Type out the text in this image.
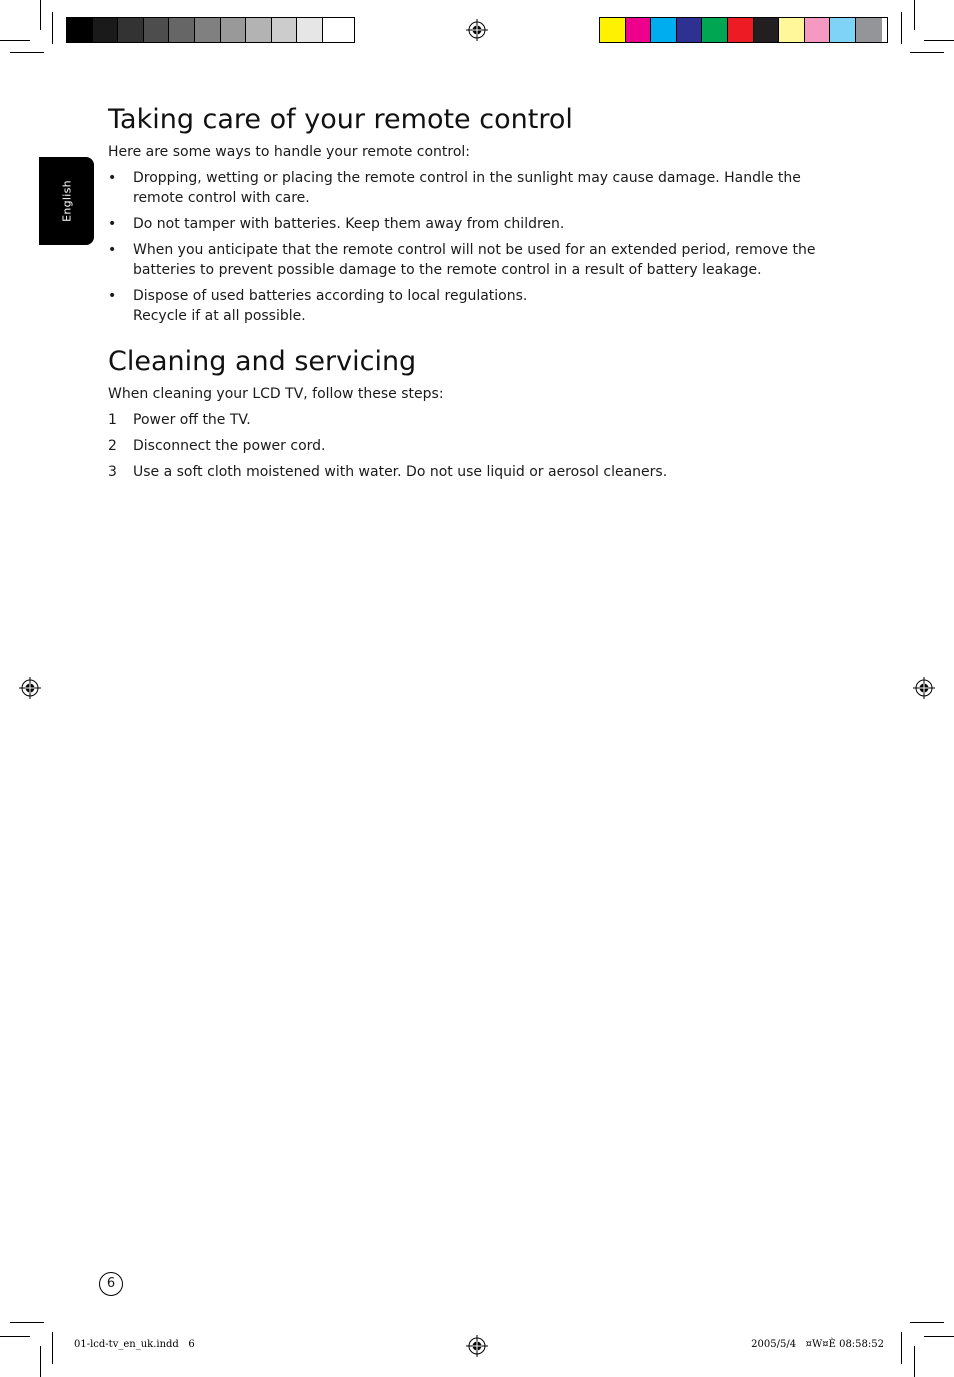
English
Taking care of your remote control

Here are some ways to handle your remote control:

•	Dropping, wetting or placing the remote control in the sunlight may cause damage. Handle the
remote control with care.
•	Do not tamper with batteries. Keep them away from children.
•	When you anticipate that the remote control will not be used for an extended period, remove the
batteries to prevent possible damage to the remote control in a result of battery leakage.
•	Dispose of used batteries according to local regulations.
Recycle if at all possible.
Cleaning and servicing

When cleaning your LCD TV, follow these steps:

1	Power off the TV.
2	Disconnect the power cord.
3	Use a soft cloth moistened with water. Do not use liquid or aerosol cleaners.
6
01-lcd-tv_en_uk.indd   6	2005/5/4   ¤W¤È 08:58:52
